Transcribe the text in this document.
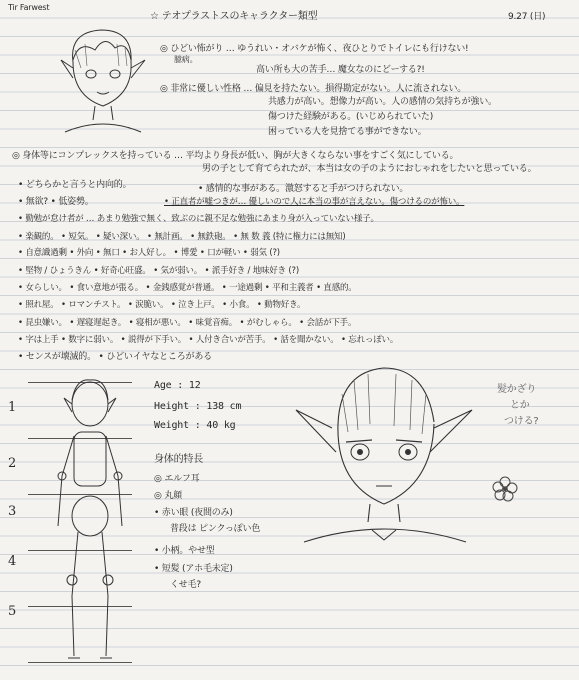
Tir Farwest
☆ テオプラストスのキャラクター類型	9.27 (日)
◎ ひどい怖がり … ゆうれい・オバケが怖く、夜ひとりでトイレにも行けない!
臆病。
高い所も大の苦手… 魔女なのにどーする?!
◎ 非常に優しい性格 … 偏見を持たない。損得勘定がない。人に流されない。
共感力が高い。想像力が高い。人の感情の気持ちが強い。
傷つけた経験がある。(いじめられていた)
困っている人を見捨てる事ができない。
◎ 身体等にコンプレックスを持っている … 平均より身長が低い、胸が大きくならない事をすごく気にしている。
男の子として育てられたが、本当は女の子のようにおしゃれをしたいと思っている。
• どちらかと言うと内向的。	• 感情的な事がある。激怒すると手がつけられない。
• 無欲? • 低姿勢。	• 正直者が嘘つきが… 優しいので人に本当の事が言えない。傷つけるのが怖い。
• 勤勉が怠け者が … あまり勉強で無く、致ぶのに親不足な勉強にあまり身が入っていない様子。
• 楽観的。 • 短気。 • 疑い深い。 • 無計画。 • 無鉄砲。 • 無 数 義 (特に権力には無知)
• 自意識過剰 • 外向 • 無口 • お人好し。 • 博愛 • 口が軽い • 弱気 (?)
• 堅物 / ひょうきん • 好奇心旺盛。 • 気が弱い。 • 派手好き / 地味好き (?)
• 女らしい。 • 食い意地が張る。 • 金銭感覚が普通。 • 一途過剰 • 平和主義者 • 直感的。
• 照れ屋。 • ロマンチスト。 • 涙脆い。 • 泣き上戸。 • 小食。 • 動物好き。
• 昆虫嫌い。 • 遅寝遅起き。 • 寝相が悪い。 • 味覚音痴。 • がむしゃら。 • 会話が下手。
• 字は上手 • 数字に弱い。 • 説得が下手い。 • 人付き合いが苦手。 • 話を聞かない。 • 忘れっぽい。
• センスが壊滅的。 • ひどいイヤなところがある
1
2
3
4
5
Age : 12
Height : 138 cm
Weight : 40 kg
身体的特長
◎ エルフ耳
◎ 丸顔
• 赤い眼 (夜間のみ)
普段は ピンクっぽい色
• 小柄。やせ型
• 短髪 (アホ毛未定)
くせ毛?
髪かざり
とか
つける?
